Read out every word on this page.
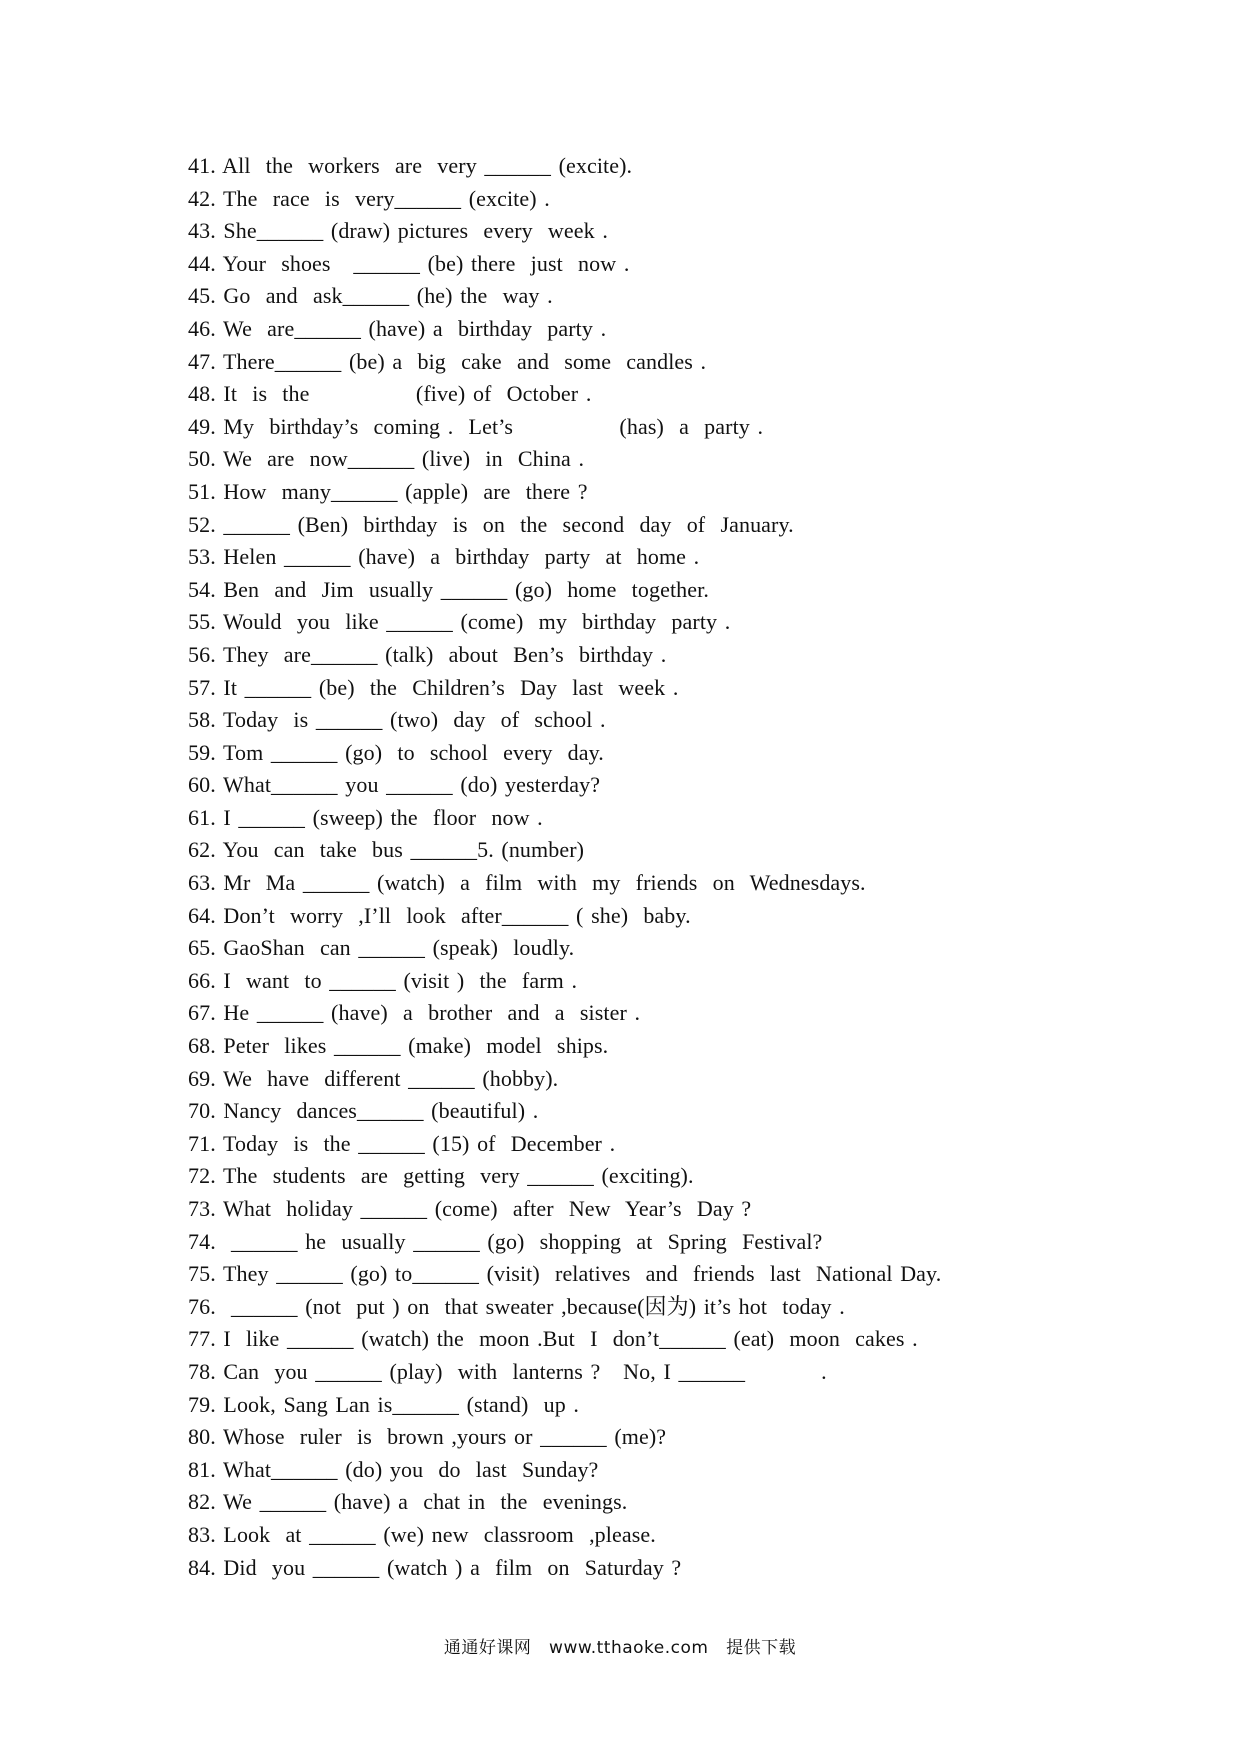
41. All  the  workers  are  very ______ (excite).
42. The  race  is  very______ (excite) .
43. She______ (draw) pictures  every  week .
44. Your  shoes   ______ (be) there  just  now .
45. Go  and  ask______ (he) the  way .
46. We  are______ (have) a  birthday  party .
47. There______ (be) a  big  cake  and  some  candles .
48. It  is  the              (five) of  October .
49. My  birthday’s  coming .  Let’s              (has)  a  party .
50. We  are  now______ (live)  in  China .
51. How  many______ (apple)  are  there ?
52. ______ (Ben)  birthday  is  on  the  second  day  of  January.
53. Helen ______ (have)  a  birthday  party  at  home .
54. Ben  and  Jim  usually ______ (go)  home  together.
55. Would  you  like ______ (come)  my  birthday  party .
56. They  are______ (talk)  about  Ben’s  birthday .
57. It ______ (be)  the  Children’s  Day  last  week .
58. Today  is ______ (two)  day  of  school .
59. Tom ______ (go)  to  school  every  day.
60. What______ you ______ (do) yesterday?
61. I ______ (sweep) the  floor  now .
62. You  can  take  bus ______5. (number)
63. Mr  Ma ______ (watch)  a  film  with  my  friends  on  Wednesdays.
64. Don’t  worry  ,I’ll  look  after______ ( she)  baby.
65. GaoShan  can ______ (speak)  loudly.
66. I  want  to ______ (visit )  the  farm .
67. He ______ (have)  a  brother  and  a  sister .
68. Peter  likes ______ (make)  model  ships.
69. We  have  different ______ (hobby).
70. Nancy  dances______ (beautiful) .
71. Today  is  the ______ (15) of  December .
72. The  students  are  getting  very ______ (exciting).
73. What  holiday ______ (come)  after  New  Year’s  Day ?
74.  ______ he  usually ______ (go)  shopping  at  Spring  Festival?
75. They ______ (go) to______ (visit)  relatives  and  friends  last  National Day.
76.  ______ (not  put ) on  that sweater ,because(因为) it’s hot  today .
77. I  like ______ (watch) the  moon .But  I  don’t______ (eat)  moon  cakes .
78. Can  you ______ (play)  with  lanterns ?   No, I ______          .
79. Look, Sang Lan is______ (stand)  up .
80. Whose  ruler  is  brown ,yours or ______ (me)?
81. What______ (do) you  do  last  Sunday?
82. We ______ (have) a  chat in  the  evenings.
83. Look  at ______ (we) new  classroom  ,please.
84. Did  you ______ (watch ) a  film  on  Saturday ?
通通好课网   www.tthaoke.com   提供下载
